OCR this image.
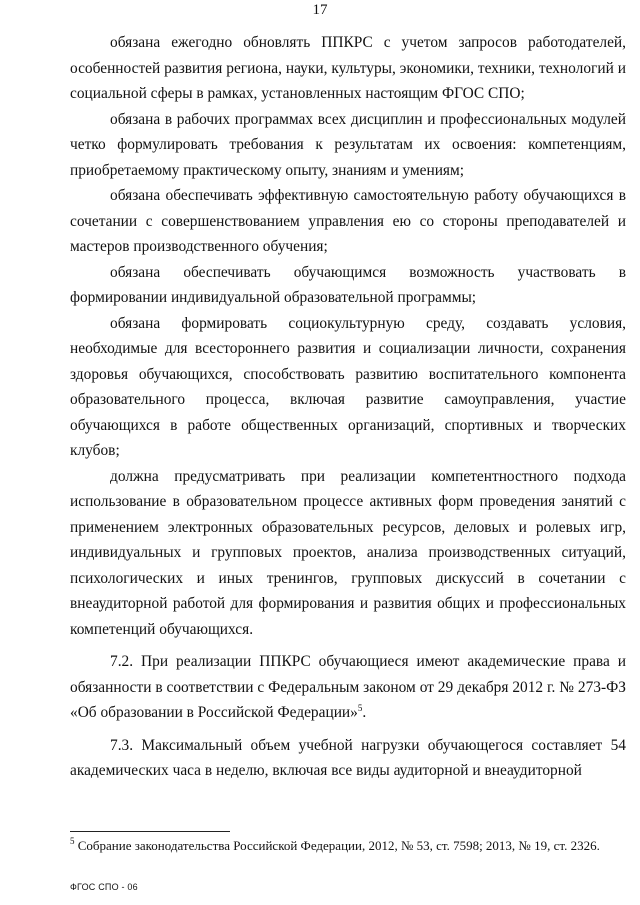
17

обязана ежегодно обновлять ППКРС с учетом запросов работодателей, особенностей развития региона, науки, культуры, экономики, техники, технологий и социальной сферы в рамках, установленных настоящим ФГОС СПО;

обязана в рабочих программах всех дисциплин и профессиональных модулей четко формулировать требования к результатам их освоения: компетенциям, приобретаемому практическому опыту, знаниям и умениям;

обязана обеспечивать эффективную самостоятельную работу обучающихся в сочетании с совершенствованием управления ею со стороны преподавателей и мастеров производственного обучения;

обязана обеспечивать обучающимся возможность участвовать в формировании индивидуальной образовательной программы;

обязана формировать социокультурную среду, создавать условия, необходимые для всестороннего развития и социализации личности, сохранения здоровья обучающихся, способствовать развитию воспитательного компонента образовательного процесса, включая развитие самоуправления, участие обучающихся в работе общественных организаций, спортивных и творческих клубов;

должна предусматривать при реализации компетентностного подхода использование в образовательном процессе активных форм проведения занятий с применением электронных образовательных ресурсов, деловых и ролевых игр, индивидуальных и групповых проектов, анализа производственных ситуаций, психологических и иных тренингов, групповых дискуссий в сочетании с внеаудиторной работой для формирования и развития общих и профессиональных компетенций обучающихся.

7.2. При реализации ППКРС обучающиеся имеют академические права и обязанности в соответствии с Федеральным законом от 29 декабря 2012 г. № 273-ФЗ «Об образовании в Российской Федерации»$^5$.

7.3. Максимальный объем учебной нагрузки обучающегося составляет 54 академических часа в неделю, включая все виды аудиторной и внеаудиторной

$^5$ Собрание законодательства Российской Федерации, 2012, № 53, ст. 7598; 2013, № 19, ст. 2326.
ФГОС СПО - 06
